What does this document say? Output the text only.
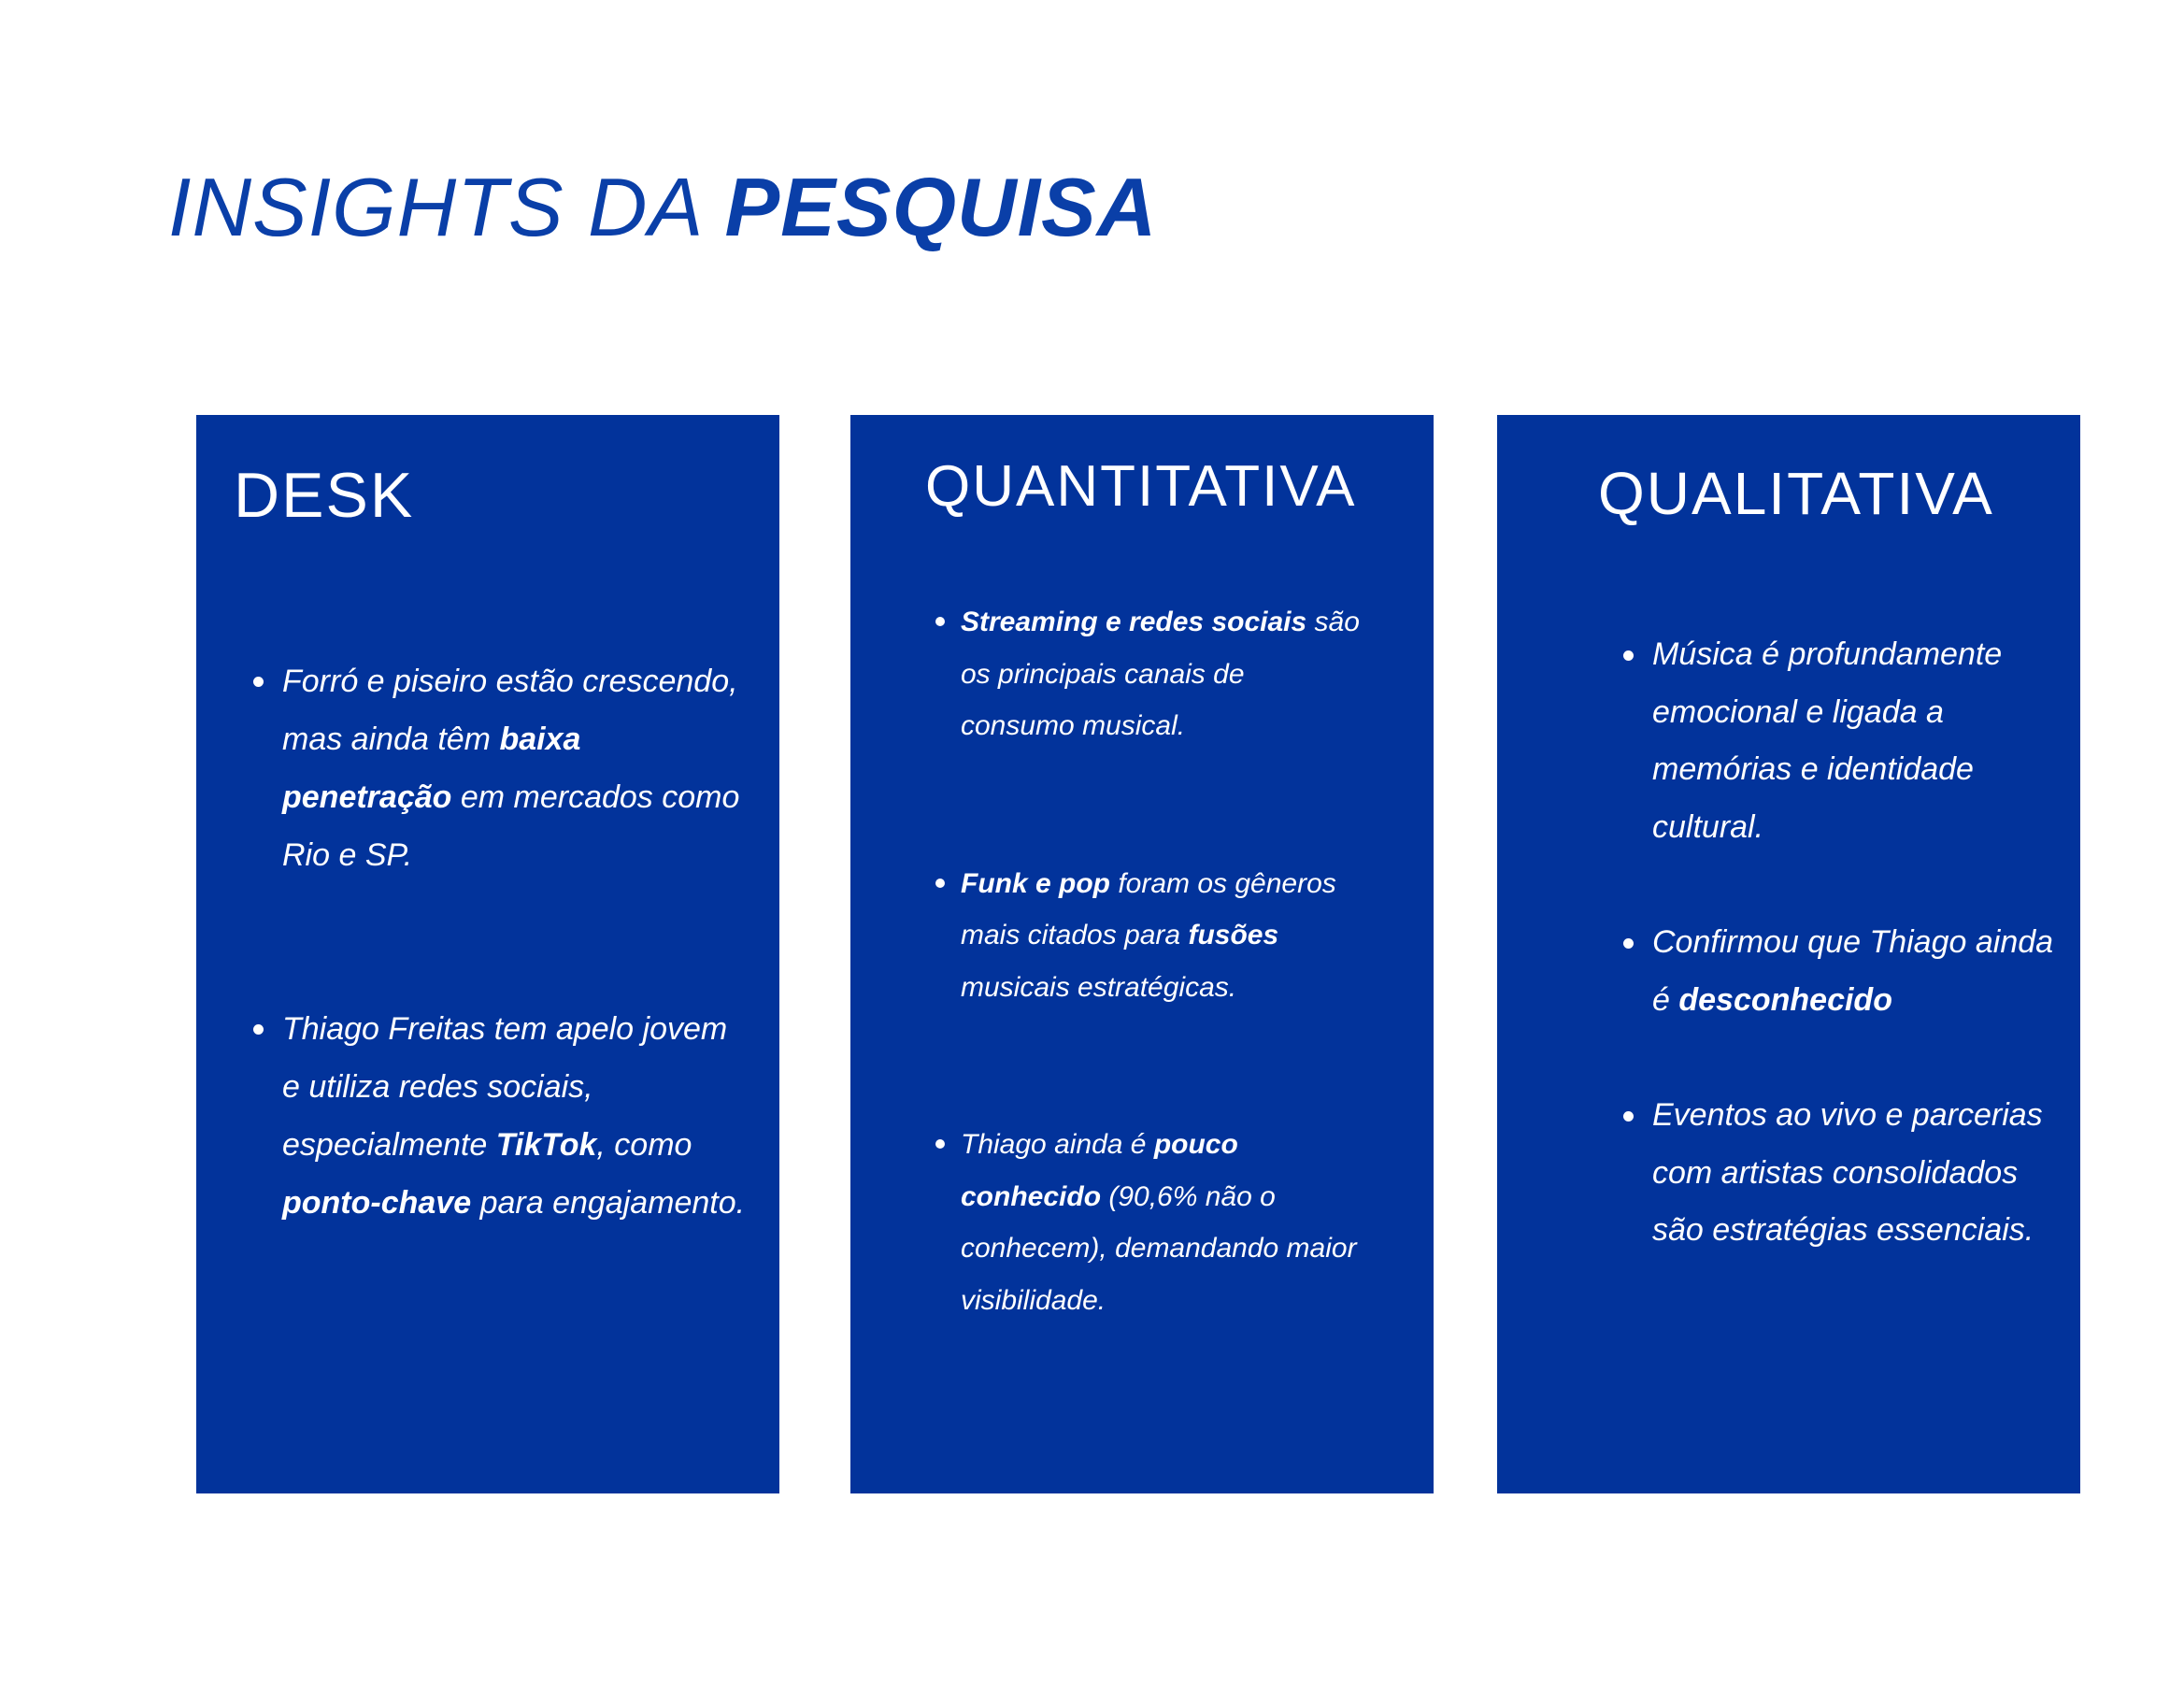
INSIGHTS DA PESQUISA
DESK
Forró e piseiro estão crescendo, mas ainda têm baixa penetração em mercados como Rio e SP.
Thiago Freitas tem apelo jovem e utiliza redes sociais, especialmente TikTok, como ponto-chave para engajamento.
QUANTITATIVA
Streaming e redes sociais são os principais canais de consumo musical.
Funk e pop foram os gêneros mais citados para fusões musicais estratégicas.
Thiago ainda é pouco conhecido (90,6% não o conhecem), demandando maior visibilidade.
QUALITATIVA
Música é profundamente emocional e ligada a memórias e identidade cultural.
Confirmou que Thiago ainda é desconhecido
Eventos ao vivo e parcerias com artistas consolidados são estratégias essenciais.
